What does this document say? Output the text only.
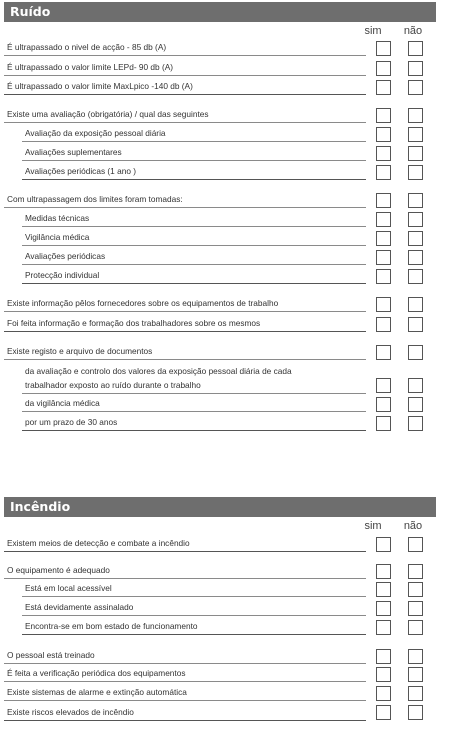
Ruído
sim	não
É ultrapassado o nivel de acção - 85 db (A)
É ultrapassado o valor limite LEPd- 90 db (A)
É ultrapassado o valor limite MaxLpico -140 db (A)
Existe uma avaliação (obrigatória) / qual das seguintes
Avaliação da exposição pessoal diária
Avaliações suplementares
Avaliações periódicas (1 ano )
Com ultrapassagem dos limites foram tomadas:
Medidas técnicas
Vigilância médica
Avaliações periódicas
Protecção individual
Existe informação pêlos fornecedores sobre os equipamentos de trabalho
Foi feita informação e formação dos trabalhadores sobre os mesmos
Existe registo e arquivo de documentos
da avaliação e controlo dos valores da exposição pessoal diária de cada
trabalhador exposto ao ruído durante o trabalho
da vigilância médica
por um prazo de 30 anos
Incêndio
sim	não
Existem meios de detecção e combate a incêndio
O equipamento é adequado
Está em local acessível
Está devidamente assinalado
Encontra-se em bom estado de funcionamento
O pessoal está treinado
É feita a verificação periódica dos equipamentos
Existe sistemas de alarme e extinção automática
Existe riscos elevados de incêndio
